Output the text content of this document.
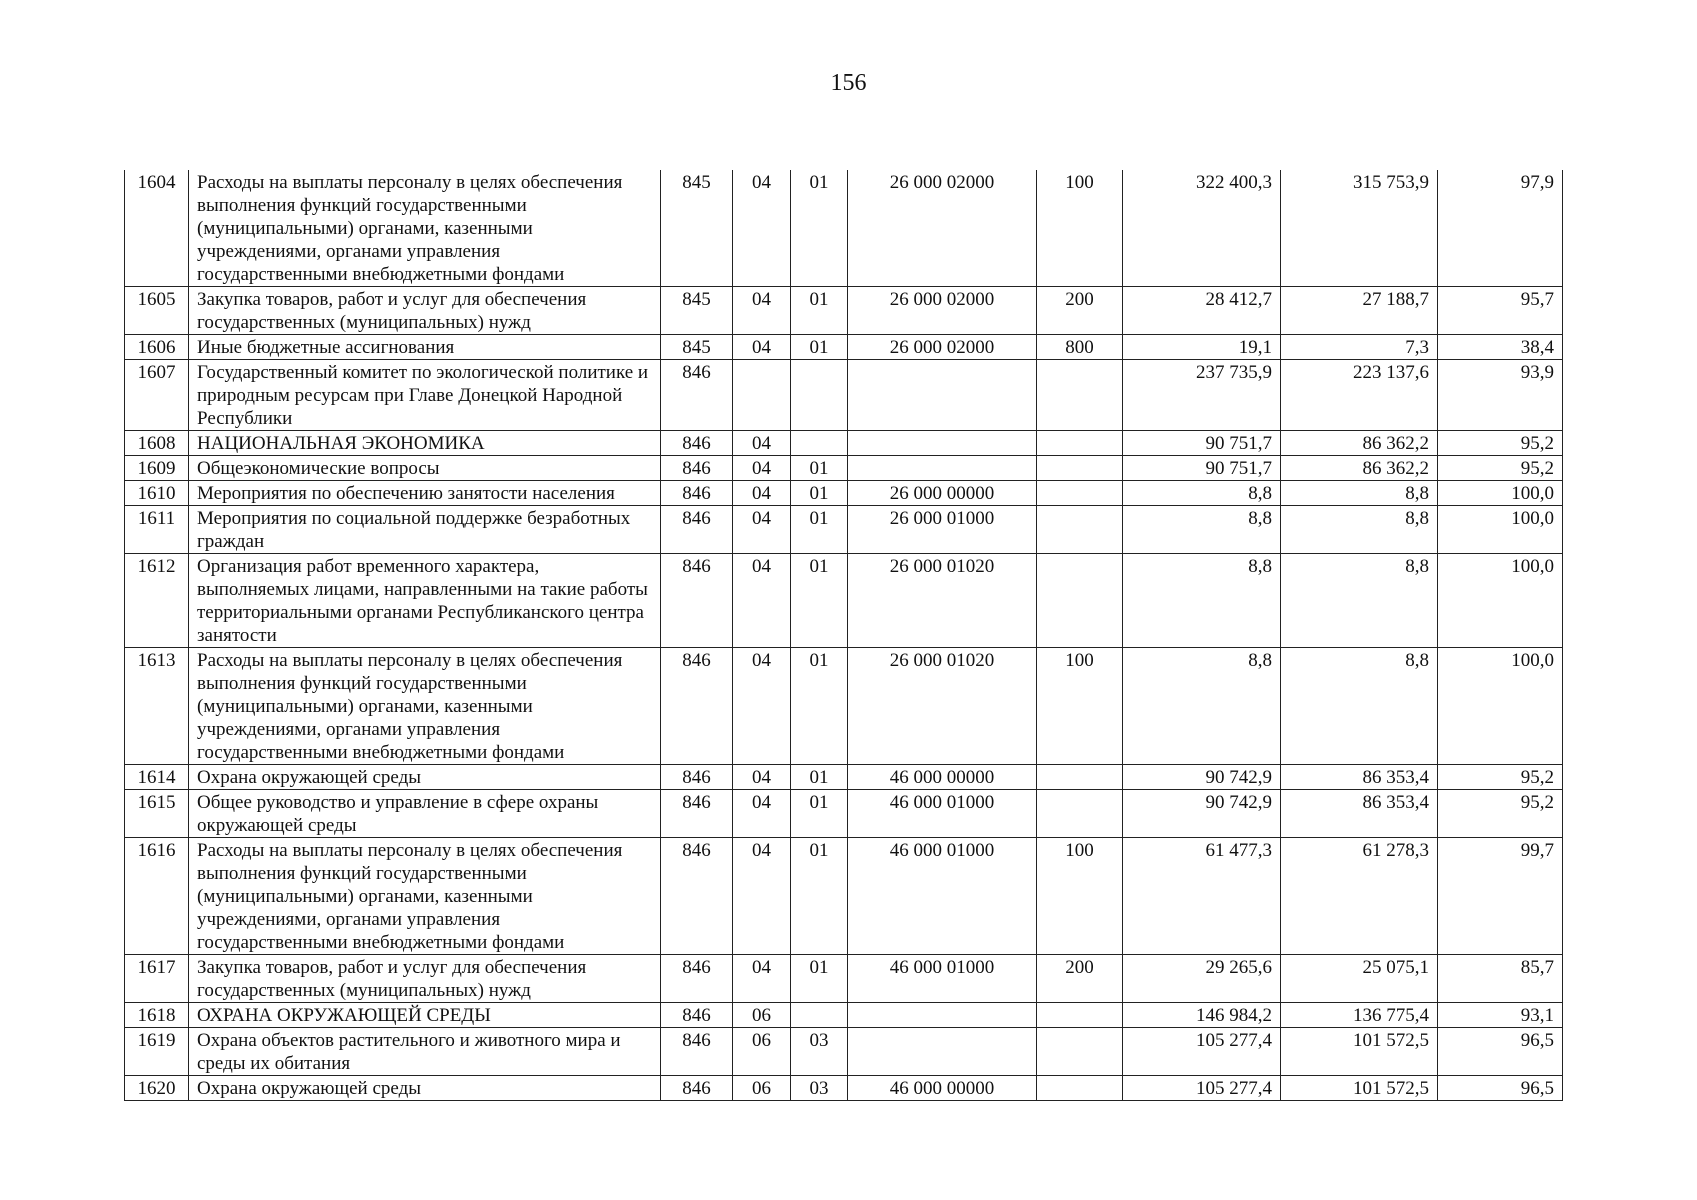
156
1604	Расходы на выплаты персоналу в целях обеспечения выполнения функций государственными (муниципальными) органами, казенными учреждениями, органами управления государственными внебюджетными фондами	845	04	01	26 000 02000	100	322 400,3	315 753,9	97,9
1605	Закупка товаров, работ и услуг для обеспечения государственных (муниципальных) нужд	845	04	01	26 000 02000	200	28 412,7	27 188,7	95,7
1606	Иные бюджетные ассигнования	845	04	01	26 000 02000	800	19,1	7,3	38,4
1607	Государственный комитет по экологической политике и природным ресурсам при Главе Донецкой Народной Республики	846					237 735,9	223 137,6	93,9
1608	НАЦИОНАЛЬНАЯ ЭКОНОМИКА	846	04				90 751,7	86 362,2	95,2
1609	Общеэкономические вопросы	846	04	01			90 751,7	86 362,2	95,2
1610	Мероприятия по обеспечению занятости населения	846	04	01	26 000 00000		8,8	8,8	100,0
1611	Мероприятия по социальной поддержке безработных граждан	846	04	01	26 000 01000		8,8	8,8	100,0
1612	Организация работ временного характера, выполняемых лицами, направленными на такие работы территориальными органами Республиканского центра занятости	846	04	01	26 000 01020		8,8	8,8	100,0
1613	Расходы на выплаты персоналу в целях обеспечения выполнения функций государственными (муниципальными) органами, казенными учреждениями, органами управления государственными внебюджетными фондами	846	04	01	26 000 01020	100	8,8	8,8	100,0
1614	Охрана окружающей среды	846	04	01	46 000 00000		90 742,9	86 353,4	95,2
1615	Общее руководство и управление в сфере охраны окружающей среды	846	04	01	46 000 01000		90 742,9	86 353,4	95,2
1616	Расходы на выплаты персоналу в целях обеспечения выполнения функций государственными (муниципальными) органами, казенными учреждениями, органами управления государственными внебюджетными фондами	846	04	01	46 000 01000	100	61 477,3	61 278,3	99,7
1617	Закупка товаров, работ и услуг для обеспечения государственных (муниципальных) нужд	846	04	01	46 000 01000	200	29 265,6	25 075,1	85,7
1618	ОХРАНА ОКРУЖАЮЩЕЙ СРЕДЫ	846	06				146 984,2	136 775,4	93,1
1619	Охрана объектов растительного и животного мира и среды их обитания	846	06	03			105 277,4	101 572,5	96,5
1620	Охрана окружающей среды	846	06	03	46 000 00000		105 277,4	101 572,5	96,5
